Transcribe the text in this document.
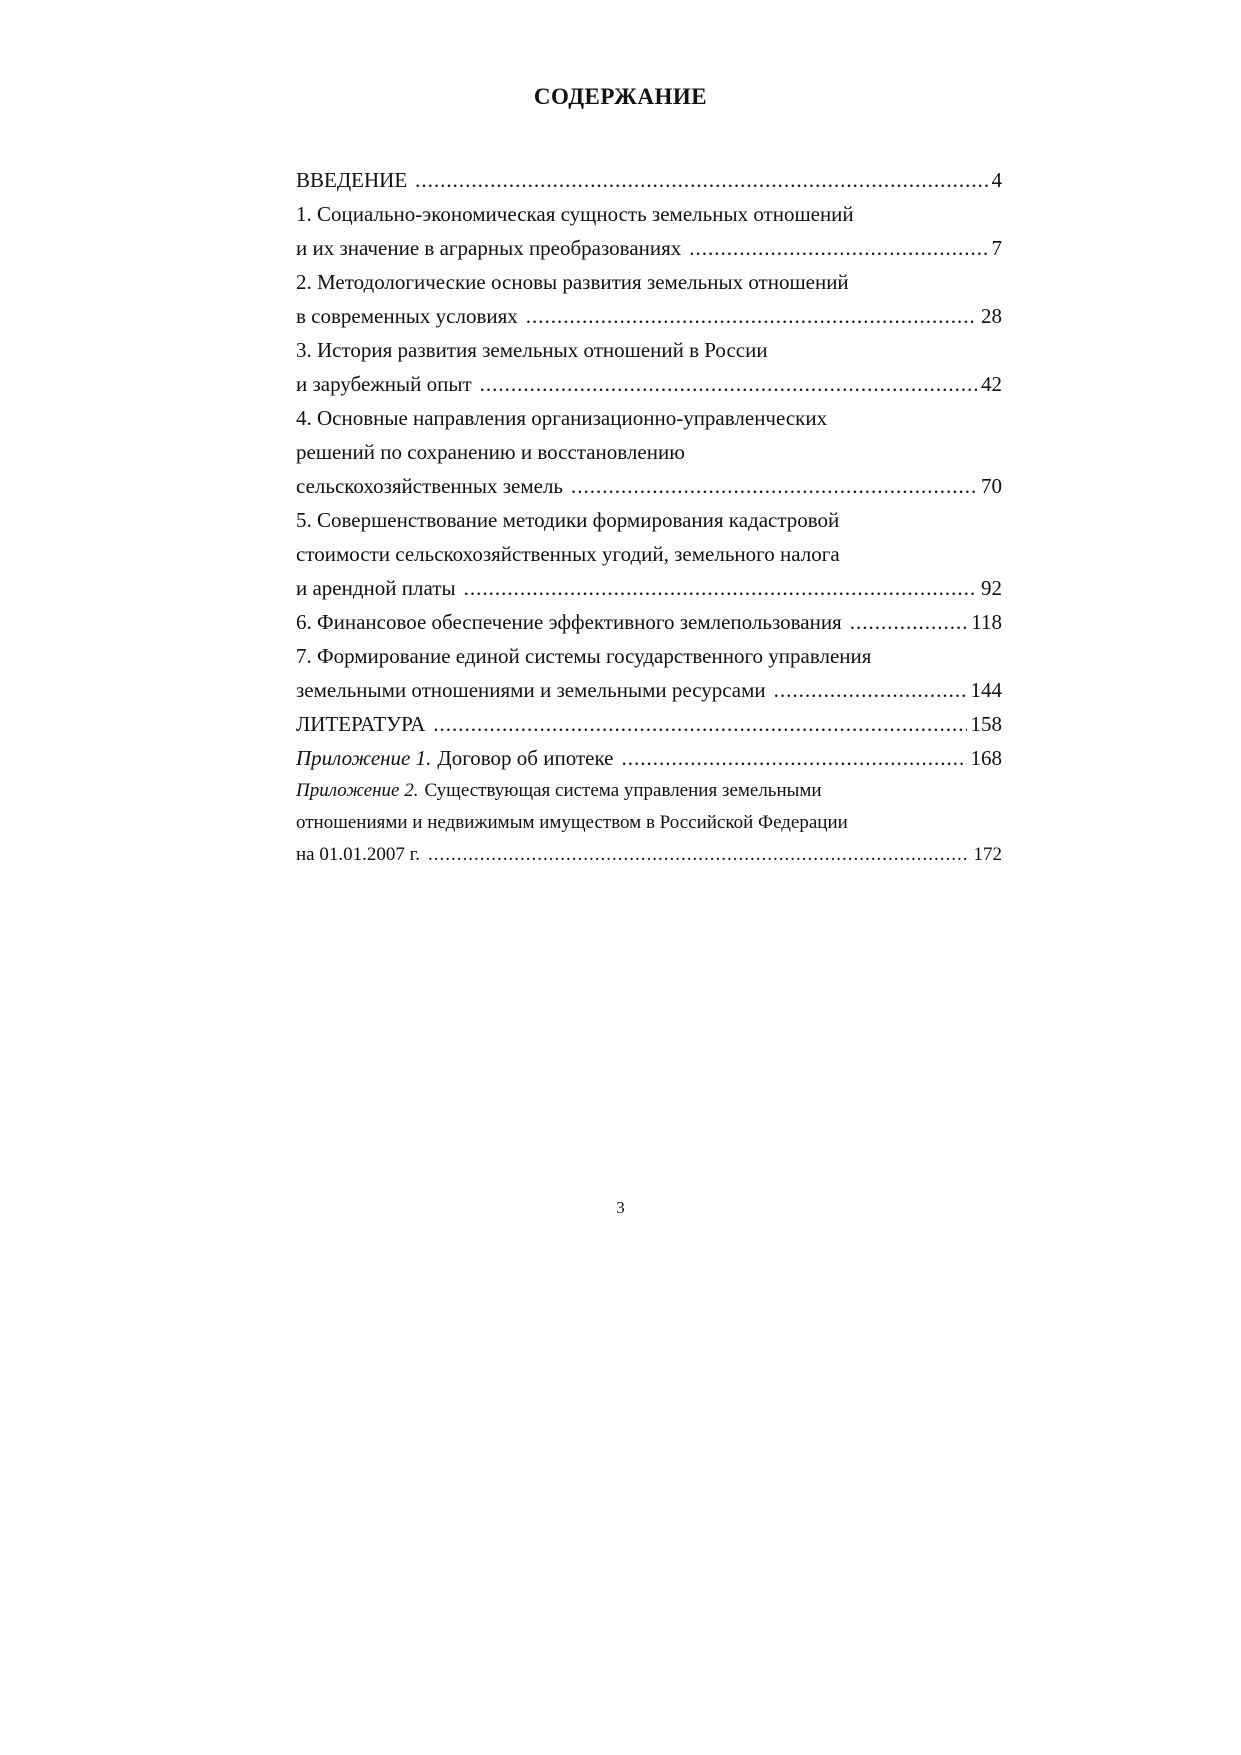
СОДЕРЖАНИЕ
ВВЕДЕНИЕ .....	4
1. Социально-экономическая сущность земельных отношений
и их значение в аграрных преобразованиях .....	7
2. Методологические основы развития земельных отношений
в современных условиях .....	28
3. История развития земельных отношений в России
и зарубежный опыт .....	42
4. Основные направления организационно-управленческих
решений по сохранению и восстановлению
сельскохозяйственных земель .....	70
5. Совершенствование методики формирования кадастровой
стоимости сельскохозяйственных угодий, земельного налога
и арендной платы .....	92
6. Финансовое обеспечение эффективного землепользования .....	118
7. Формирование единой системы государственного управления
земельными отношениями и земельными ресурсами .....	144
ЛИТЕРАТУРА .....	158
Приложение 1. Договор об ипотеке .....	168
Приложение 2. Существующая система управления земельными
отношениями и недвижимым имуществом в Российской Федерации
на 01.01.2007 г. .....	172
3
